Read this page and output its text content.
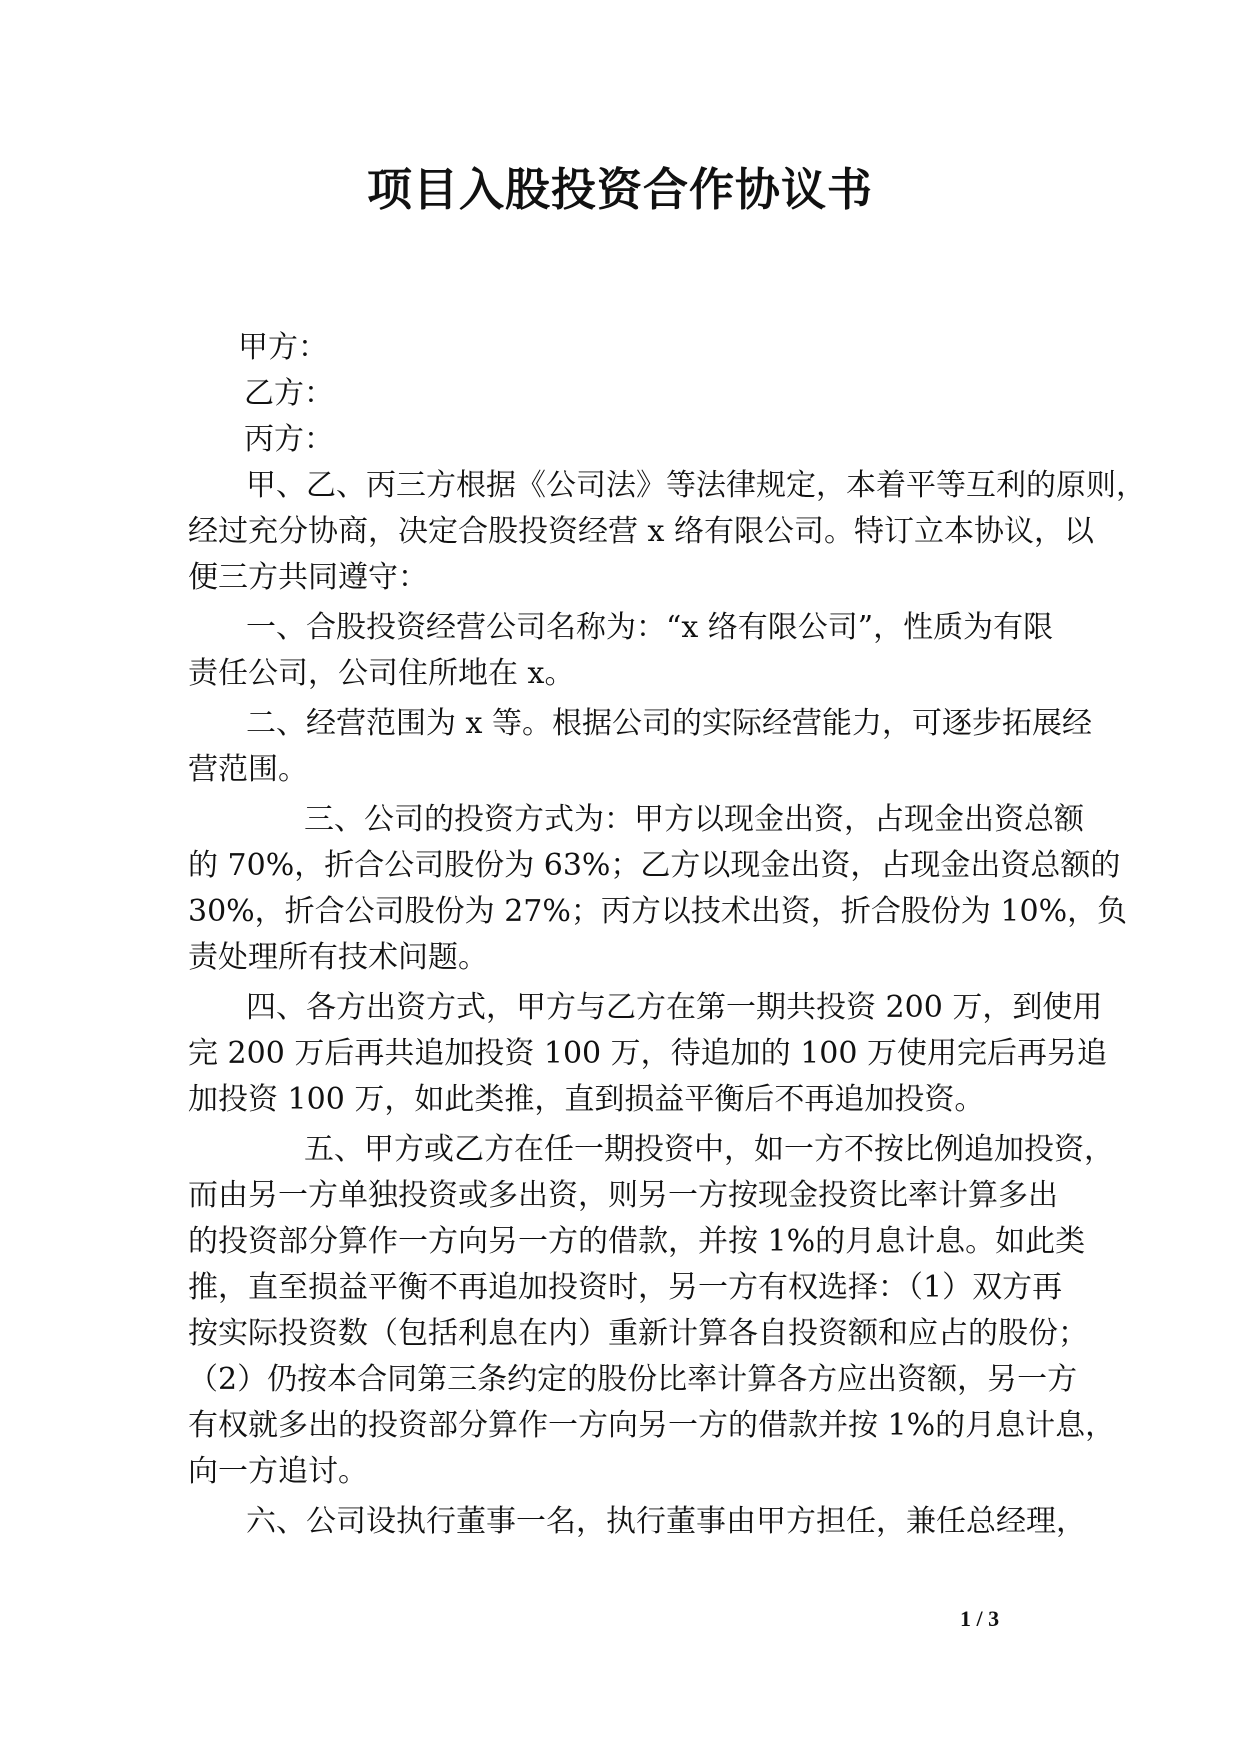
项目入股投资合作协议书
甲方：
乙方：
丙方：
甲、乙、丙三方根据《公司法》等法律规定，本着平等互利的原则，
经过充分协商，决定合股投资经营 x 络有限公司。特订立本协议，以
便三方共同遵守：
一、合股投资经营公司名称为：“x 络有限公司”，性质为有限
责任公司，公司住所地在 x。
二、经营范围为 x 等。根据公司的实际经营能力，可逐步拓展经
营范围。
三、公司的投资方式为：甲方以现金出资，占现金出资总额
的 70%，折合公司股份为 63%；乙方以现金出资，占现金出资总额的
30%，折合公司股份为 27%；丙方以技术出资，折合股份为 10%，负
责处理所有技术问题。
四、各方出资方式，甲方与乙方在第一期共投资 200 万，到使用
完 200 万后再共追加投资 100 万，待追加的 100 万使用完后再另追
加投资 100 万，如此类推，直到损益平衡后不再追加投资。
五、甲方或乙方在任一期投资中，如一方不按比例追加投资，
而由另一方单独投资或多出资，则另一方按现金投资比率计算多出
的投资部分算作一方向另一方的借款，并按 1%的月息计息。如此类
推，直至损益平衡不再追加投资时，另一方有权选择：（1）双方再
按实际投资数（包括利息在内）重新计算各自投资额和应占的股份；
（2）仍按本合同第三条约定的股份比率计算各方应出资额，另一方
有权就多出的投资部分算作一方向另一方的借款并按 1%的月息计息，
向一方追讨。
六、公司设执行董事一名，执行董事由甲方担任，兼任总经理，
1 / 3
